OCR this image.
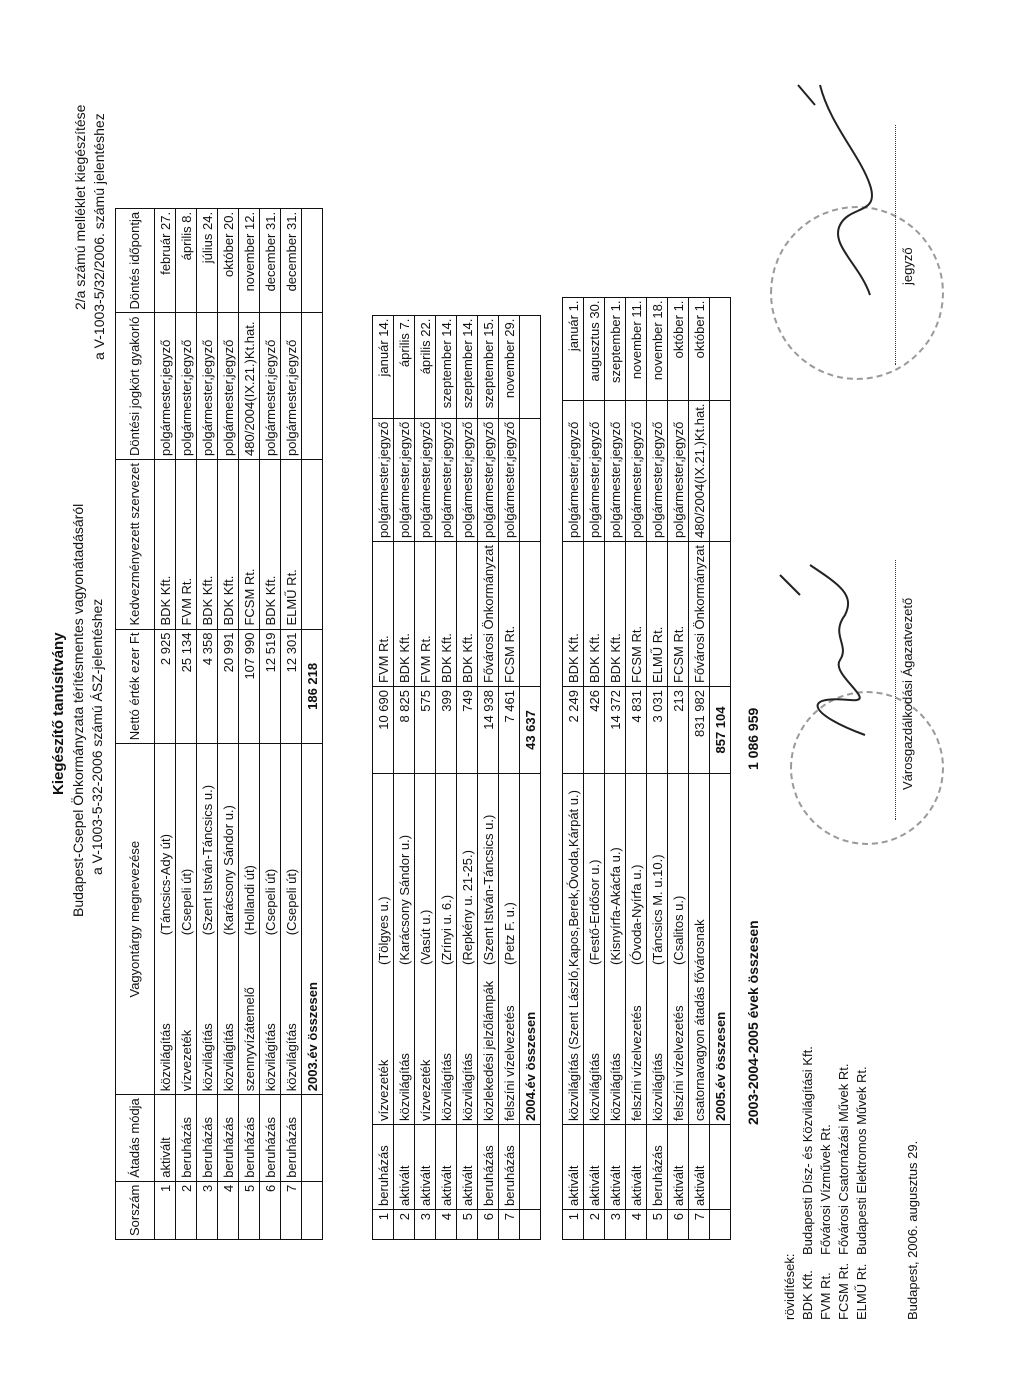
Kiegészítő tanúsítvány Budapest-Csepel Önkormányzata térítésmentes vagyonátadásáról a V-1003-5-32-2006 számú ÁSZ-jelentéshez
2/a számú melléklet kiegészítése a V-1003-5/32/2006. számú jelentéshez
Sorszám	Átadás módja	Vagyontárgy megnevezése		Nettó érték ezer Ft	Kedvezményezett szervezet	Döntési jogkört gyakorló	Döntés időpontja
1	aktivált	közvilágítás	(Táncsics-Ady út)	2 925	BDK Kft.	polgármester,jegyző	február 27.
2	beruházás	vízvezeték	(Csepeli út)	25 134	FVM Rt.	polgármester,jegyző	április 8.
3	beruházás	közvilágítás	(Szent István-Táncsics u.)	4 358	BDK Kft.	polgármester,jegyző	július 24.
4	beruházás	közvilágítás	(Karácsony Sándor u.)	20 991	BDK Kft.	polgármester,jegyző	október 20.
5	beruházás	szennyvízátemelő	(Hollandi út)	107 990	FCSM Rt.	480/2004(IX.21.)Kt.hat.	november 12.
6	beruházás	közvilágítás	(Csepeli út)	12 519	BDK Kft.	polgármester,jegyző	december 31.
7	beruházás	közvilágítás	(Csepeli út)	12 301	ELMŰ Rt.	polgármester,jegyző	december 31.
		2003.év összesen		186 218			
1	beruházás	vízvezeték	(Tölgyes u.)	10 690	FVM Rt.	polgármester,jegyző	január 14.
2	aktivált	közvilágítás	(Karácsony Sándor u.)	8 825	BDK Kft.	polgármester,jegyző	április 7.
3	aktivált	vízvezeték	(Vasút u.)	575	FVM Rt.	polgármester,jegyző	április 22.
4	aktivált	közvilágítás	(Zrínyi u. 6.)	399	BDK Kft.	polgármester,jegyző	szeptember 14.
5	aktivált	közvilágítás	(Repkény u. 21-25.)	749	BDK Kft.	polgármester,jegyző	szeptember 14.
6	beruházás	közlekedési jelzőlámpák	(Szent István-Táncsics u.)	14 938	Fővárosi Önkormányzat	polgármester,jegyző	szeptember 15.
7	beruházás	felszíni vízelvezetés	(Petz F. u.)	7 461	FCSM Rt.	polgármester,jegyző	november 29.
		2004.év összesen		43 637			
1	aktivált	közvilágítás (Szent László,Kapos,Berek,Óvoda,Kárpát u.)		2 249	BDK Kft.	polgármester,jegyző	január 1.
2	aktivált	közvilágítás	(Festő-Erdősor u.)	426	BDK Kft.	polgármester,jegyző	augusztus 30.
3	aktivált	közvilágítás	(Kisnyírfa-Akácfa u.)	14 372	BDK Kft.	polgármester,jegyző	szeptember 1.
4	aktivált	felszíni vízelvezetés	(Óvoda-Nyírfa u.)	4 831	FCSM Rt.	polgármester,jegyző	november 11.
5	beruházás	közvilágítás	(Táncsics M. u.10.)	3 031	ELMŰ Rt.	polgármester,jegyző	november 18.
6	aktivált	felszíni vízelvezetés	(Csalitos u.)	213	FCSM Rt.	polgármester,jegyző	október 1.
7	aktivált	csatornavagyon átadás fővárosnak		831 982	Fővárosi Önkormányzat	480/2004(IX.21.)Kt.hat.	október 1.
		2005.év összesen		857 104			
2003-2004-2005 évek összesen
1 086 959
rövidítések: BDK Kft.
Budapesti Dísz- és Közvilágítási Kft.
FVM Rt.
Fővárosi Vízművek Rt.
FCSM Rt.
Fővárosi Csatornázási Művek Rt.
ELMŰ Rt.
Budapesti Elektromos Művek Rt.	Budapest, 2006. augusztus 29.
Városgazdálkodási Ágazatvezető
jegyző
